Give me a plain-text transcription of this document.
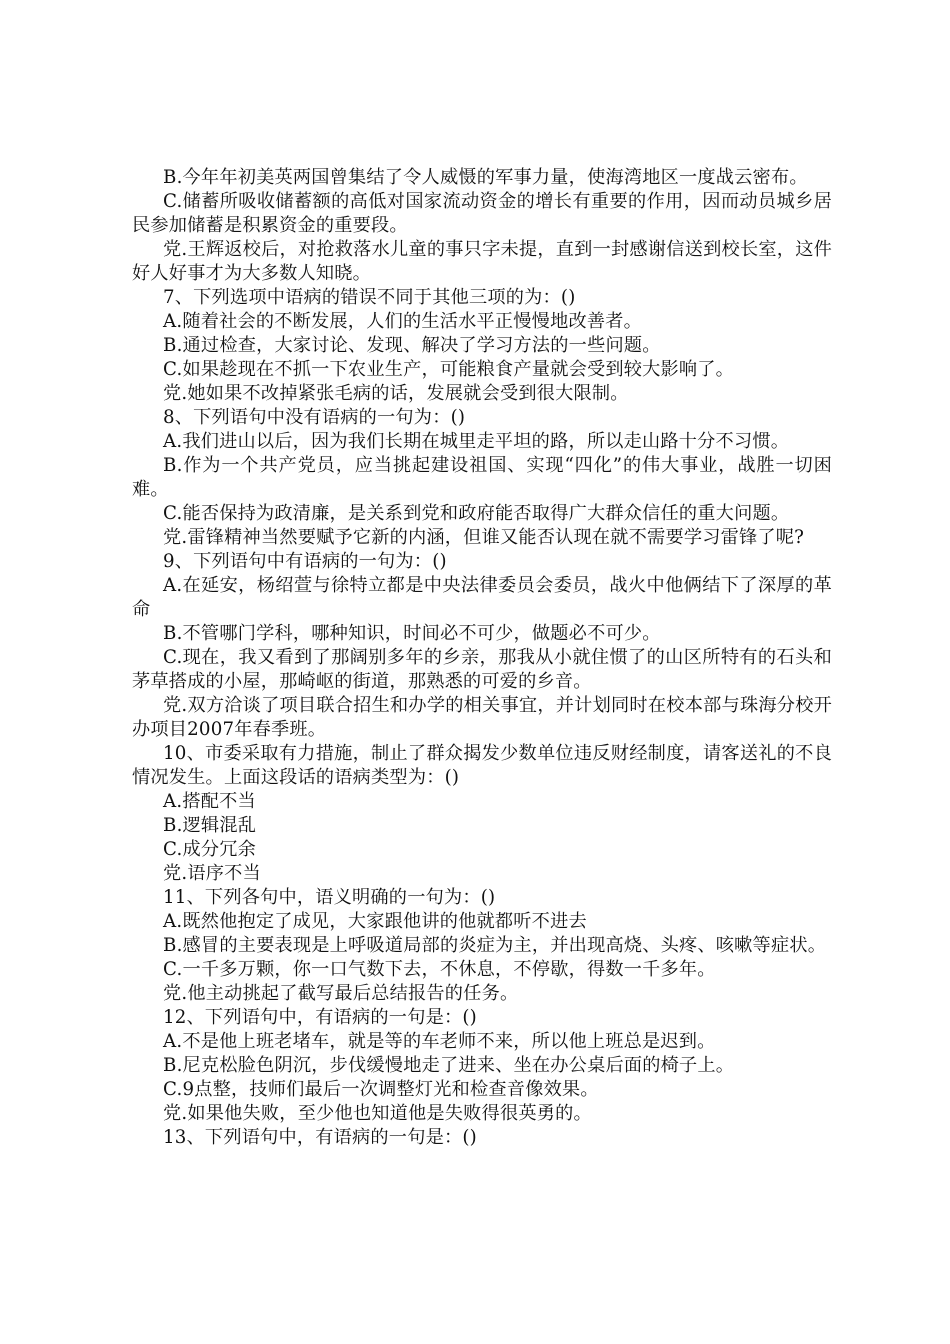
B.今年年初美英两国曾集结了令人威慑的军事力量，使海湾地区一度战云密布。

C.储蓄所吸收储蓄额的高低对国家流动资金的增长有重要的作用，因而动员城乡居民参加储蓄是积累资金的重要段。

党.王辉返校后，对抢救落水儿童的事只字未提，直到一封感谢信送到校长室，这件好人好事才为大多数人知晓。

7、下列选项中语病的错误不同于其他三项的为：()

A.随着社会的不断发展，人们的生活水平正慢慢地改善者。

B.通过检查，大家讨论、发现、解决了学习方法的一些问题。

C.如果趁现在不抓一下农业生产，可能粮食产量就会受到较大影响了。

党.她如果不改掉紧张毛病的话，发展就会受到很大限制。

8、下列语句中没有语病的一句为：()

A.我们进山以后，因为我们长期在城里走平坦的路，所以走山路十分不习惯。

B.作为一个共产党员，应当挑起建设祖国、实现“四化”的伟大事业，战胜一切困难。

C.能否保持为政清廉，是关系到党和政府能否取得广大群众信任的重大问题。

党.雷锋精神当然要赋予它新的内涵，但谁又能否认现在就不需要学习雷锋了呢?

9、下列语句中有语病的一句为：()

A.在延安，杨绍萱与徐特立都是中央法律委员会委员，战火中他俩结下了深厚的革命

B.不管哪门学科，哪种知识，时间必不可少，做题必不可少。

C.现在，我又看到了那阔别多年的乡亲，那我从小就住惯了的山区所特有的石头和茅草搭成的小屋，那崎岖的街道，那熟悉的可爱的乡音。

党.双方洽谈了项目联合招生和办学的相关事宜，并计划同时在校本部与珠海分校开办项目2007年春季班。

10、市委采取有力措施，制止了群众揭发少数单位违反财经制度，请客送礼的不良情况发生。上面这段话的语病类型为：()

A.搭配不当

B.逻辑混乱

C.成分冗余

党.语序不当

11、下列各句中，语义明确的一句为：()

A.既然他抱定了成见，大家跟他讲的他就都听不进去

B.感冒的主要表现是上呼吸道局部的炎症为主，并出现高烧、头疼、咳嗽等症状。

C.一千多万颗，你一口气数下去，不休息，不停歇，得数一千多年。

党.他主动挑起了截写最后总结报告的任务。

12、下列语句中，有语病的一句是：()

A.不是他上班老堵车，就是等的车老师不来，所以他上班总是迟到。

B.尼克松脸色阴沉，步伐缓慢地走了进来、坐在办公桌后面的椅子上。

C.9点整，技师们最后一次调整灯光和检查音像效果。

党.如果他失败，至少他也知道他是失败得很英勇的。

13、下列语句中，有语病的一句是：()
